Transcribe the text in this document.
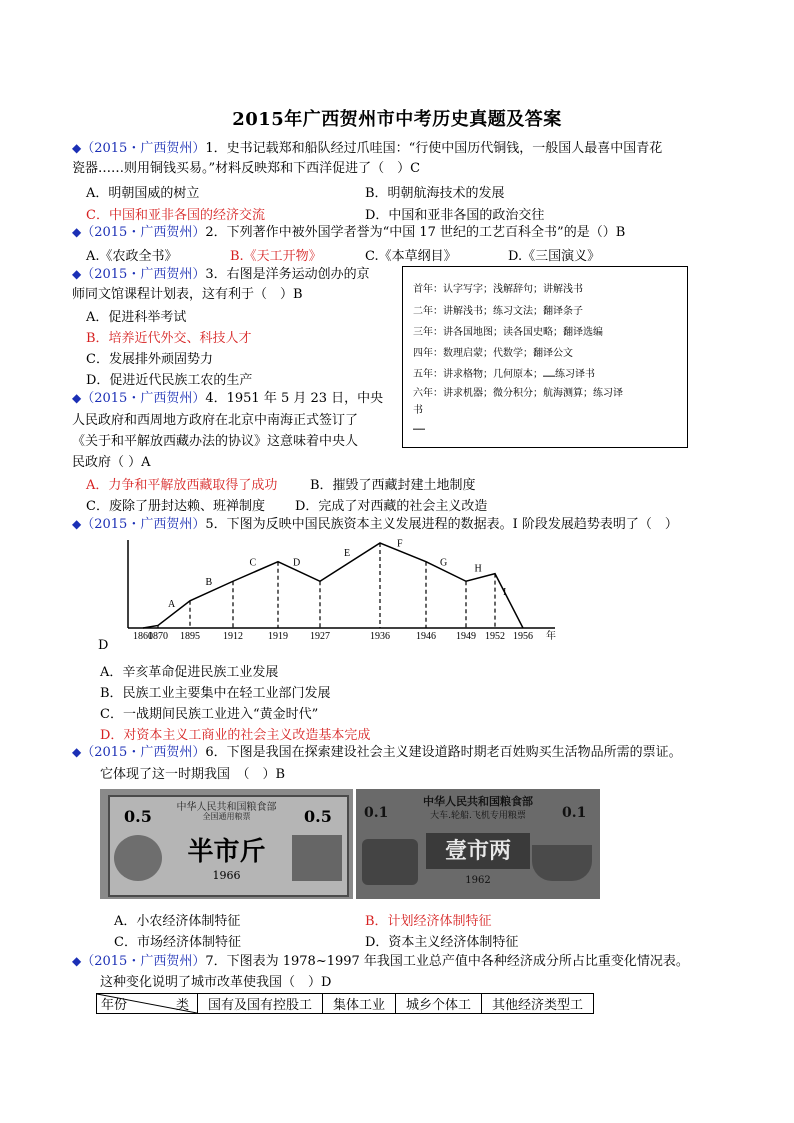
2015年广西贺州市中考历史真题及答案
◆（2015・广西贺州）1．史书记载郑和船队经过爪哇国：“行使中国历代铜钱，一般国人最喜中国青花
瓷器……则用铜钱买易。”材料反映郑和下西洋促进了（　）C
A．明朝国威的树立	B．明朝航海技术的发展
C．中国和亚非各国的经济交流	D．中国和亚非各国的政治交往
◆（2015・广西贺州）2．下列著作中被外国学者誉为“中国 17 世纪的工艺百科全书”的是（）B
A.《农政全书》	B.《天工开物》	C.《本草纲目》	D.《三国演义》
◆（2015・广西贺州）3．右图是洋务运动创办的京
师同文馆课程计划表，这有利于（　）B
A．促进科举考试
B．培养近代外交、科技人才
C．发展排外顽固势力
D．促进近代民族工农的生产
首年：认字写字；浅解辞句；讲解浅书
二年：讲解浅书；练习文法；翻译条子
三年：讲各国地图；读各国史略；翻译选编
四年：数理启蒙；代数学；翻译公文
五年：讲求格物；几何原本；……练习译书
六年：讲求机器；微分积分；航海测算；练习译
书
……
◆（2015・广西贺州）4．1951 年 5 月 23 日，中央
人民政府和西周地方政府在北京中南海正式签订了
《关于和平解放西藏办法的协议》这意味着中央人
民政府（ ）A
A．力争和平解放西藏取得了成功	B．摧毁了西藏封建土地制度
C．废除了册封达赖、班禅制度 D．完成了对西藏的社会主义改造
◆（2015・广西贺州）5．下图为反映中国民族资本主义发展进程的数据表。I 阶段发展趋势表明了（　）
1860
1870 1895 1912	1919 1927	1936	1946 1949 1952 1956 年
A
B
C	D
E
F
G
H
I
D
A．辛亥革命促进民族工业发展
B．民族工业主要集中在轻工业部门发展
C．一战期间民族工业进入“黄金时代”
D．对资本主义工商业的社会主义改造基本完成
◆（2015・广西贺州）6．下图是我国在探索建设社会主义建设道路时期老百姓购买生活物品所需的票证。
它体现了这一时期我国　（　）B
中华人民共和国粮食部
全国通用粮票
0.5	0.5
半市斤
1966
中华人民共和国粮食部
大车.轮船.飞机专用粮票
0.1	0.1
壹市两
1962
A．小农经济体制特征	B．计划经济体制特征
C．市场经济体制特征	D．资本主义经济体制特征
◆（2015・广西贺州）7．下图表为 1978~1997 年我国工业总产值中各种经济成分所占比重变化情况表。
这种变化说明了城市改革使我国（　）D
年份	类	国有及国有控股工	集体工业	城乡个体工	其他经济类型工
